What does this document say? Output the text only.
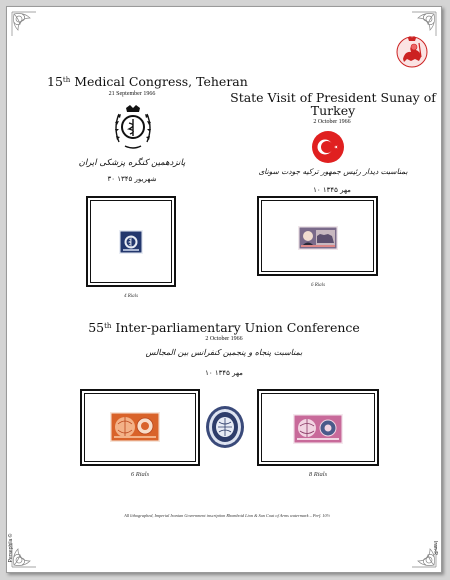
15th Medical Congress, Teheran
21 September 1966
پانزدهمین کنگره پزشکی ایران
۳۰ شهریور ۱۳۴۵
4 Rials
State Visit of President Sunay of
Turkey
2 October 1966
بمناسبت دیدار رئیس جمهور ترکیه جودت سونای
۱۰ مهر ۱۳۴۵
6 Rials
55th Inter-parliamentary Union Conference
2 October 1966
بمناسبت پنجاه و پنجمین کنفرانس بین المجالس
۱۰ مهر ۱۳۴۵
6 Rials	8 Rials
All lithographed, Imperial Iranian Government inscription Rhomboid Lion & Sun Coat of Arms watermark – Perf. 10½
Persephila ©	Iran-R
